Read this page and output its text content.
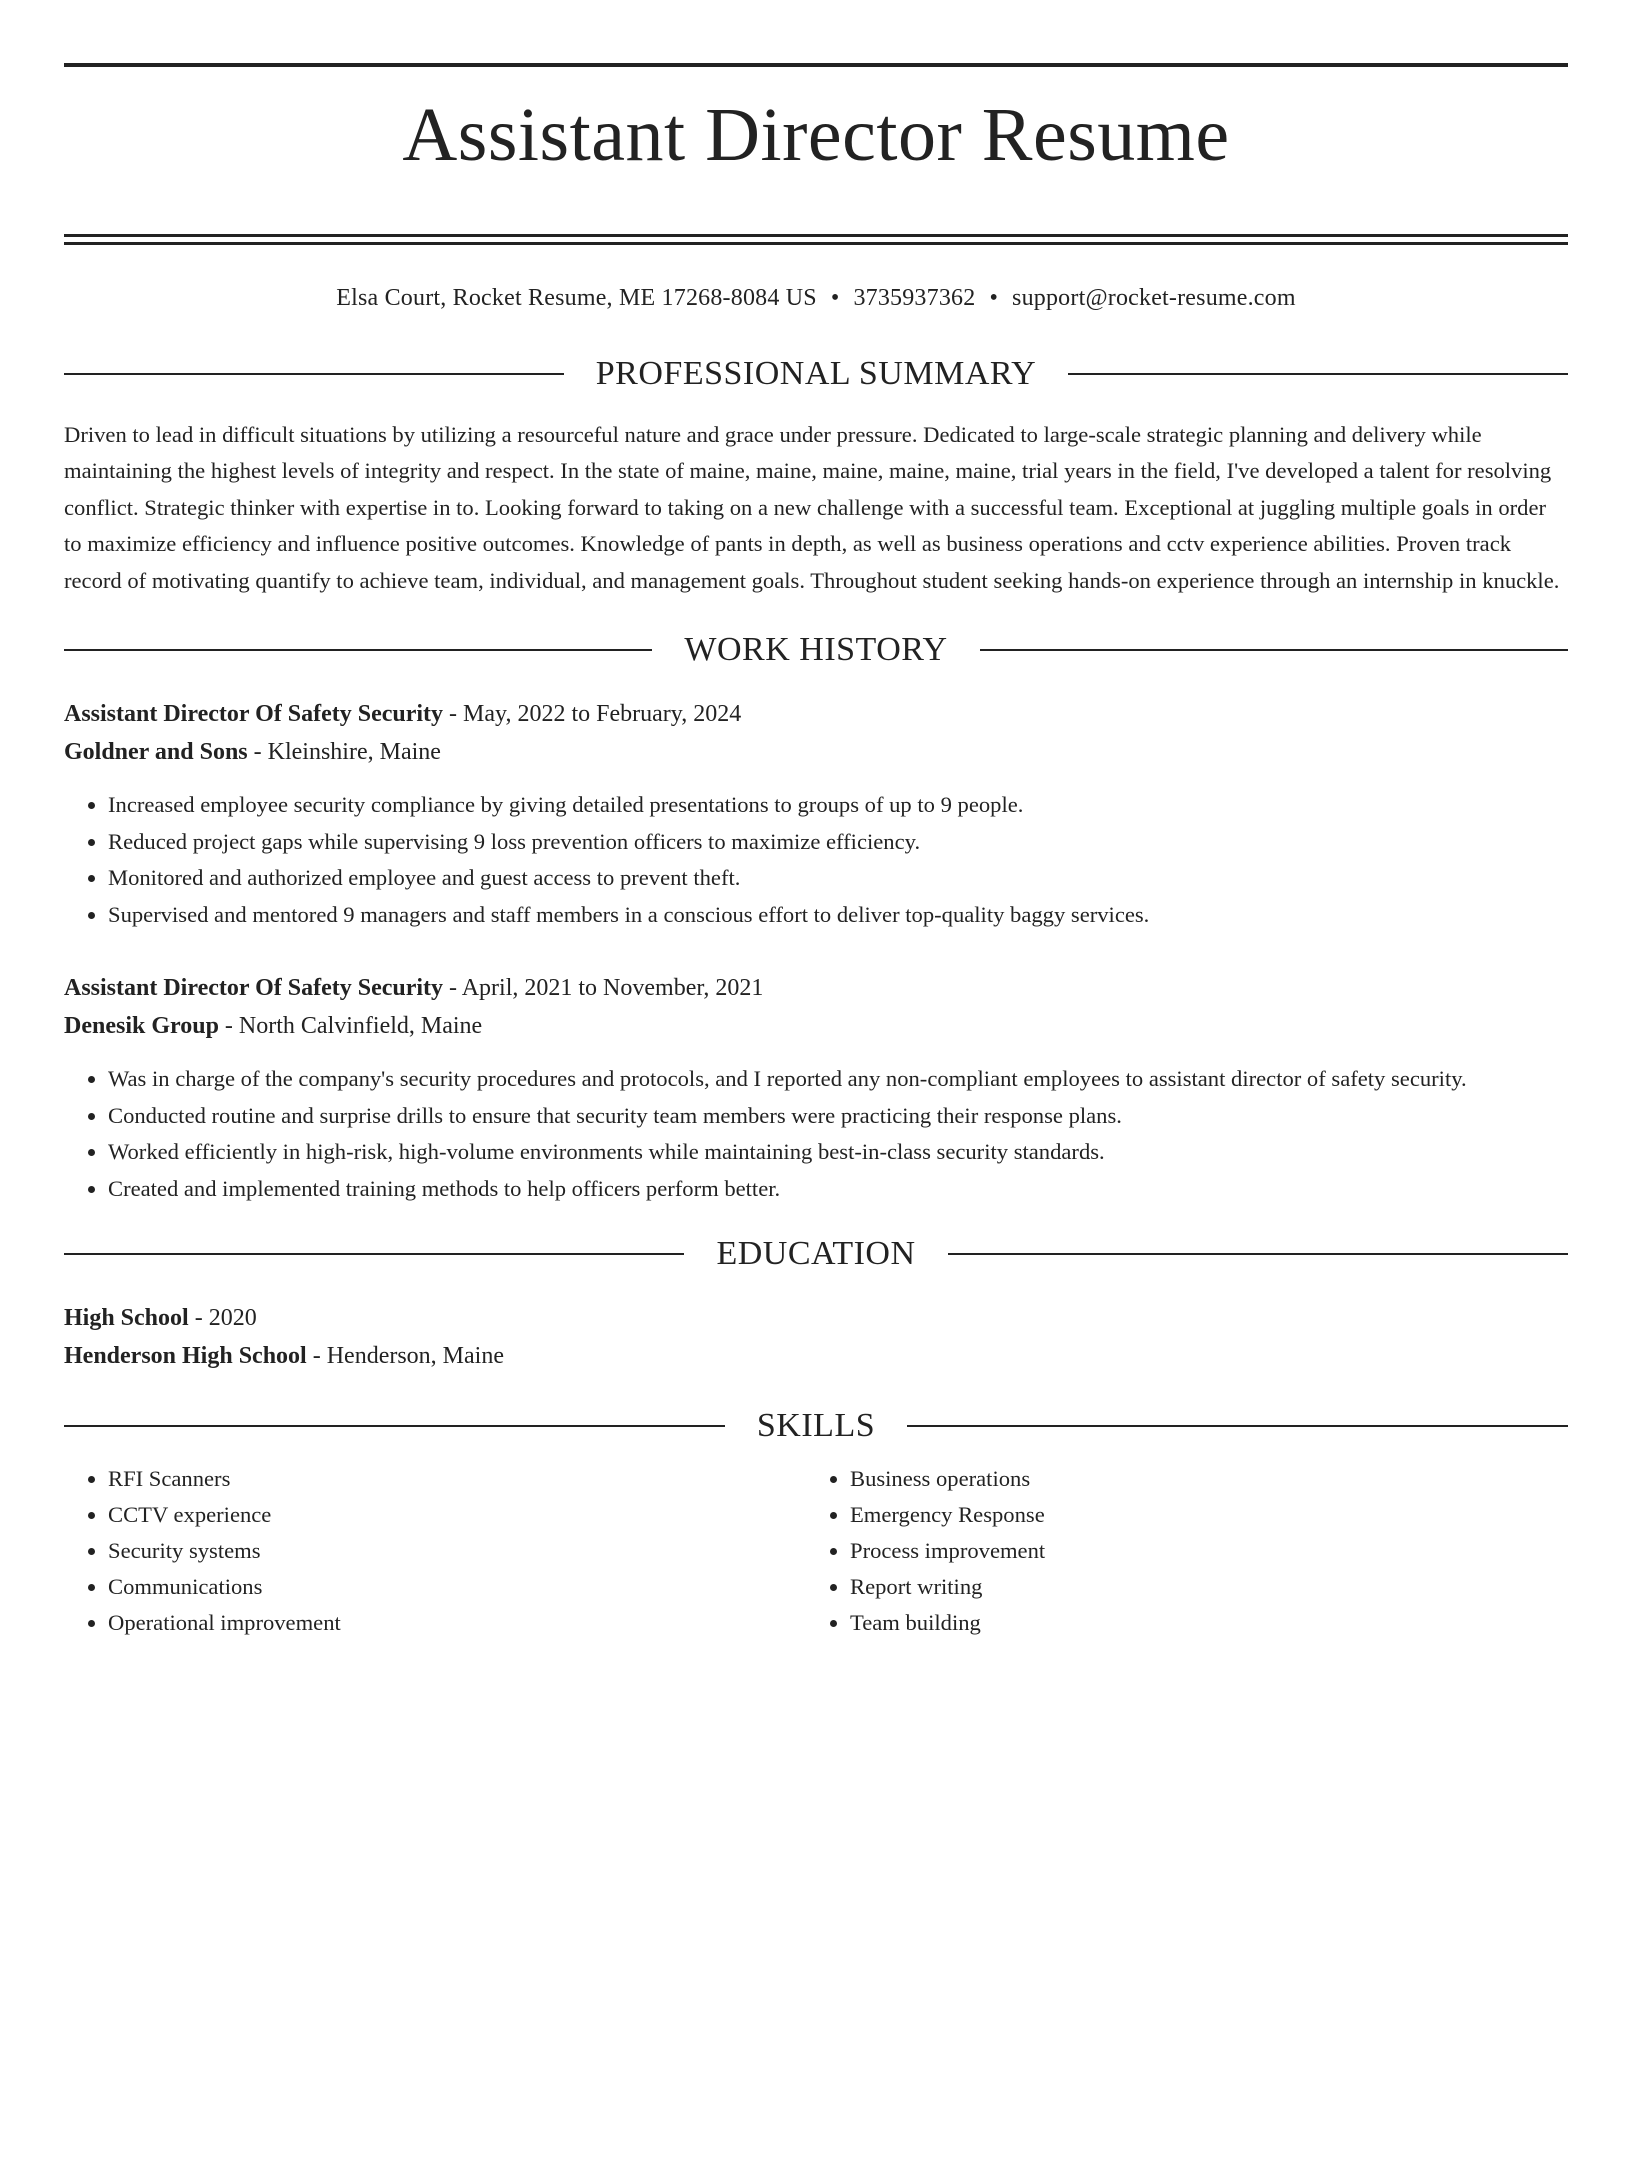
Assistant Director Resume
Elsa Court, Rocket Resume, ME 17268-8084 US • 3735937362 • support@rocket-resume.com
PROFESSIONAL SUMMARY
Driven to lead in difficult situations by utilizing a resourceful nature and grace under pressure. Dedicated to large-scale strategic planning and delivery while maintaining the highest levels of integrity and respect. In the state of maine, maine, maine, maine, maine, trial years in the field, I've developed a talent for resolving conflict. Strategic thinker with expertise in to. Looking forward to taking on a new challenge with a successful team. Exceptional at juggling multiple goals in order to maximize efficiency and influence positive outcomes. Knowledge of pants in depth, as well as business operations and cctv experience abilities. Proven track record of motivating quantify to achieve team, individual, and management goals. Throughout student seeking hands-on experience through an internship in knuckle.
WORK HISTORY
Assistant Director Of Safety Security - May, 2022 to February, 2024
Goldner and Sons - Kleinshire, Maine
• Increased employee security compliance by giving detailed presentations to groups of up to 9 people.
• Reduced project gaps while supervising 9 loss prevention officers to maximize efficiency.
• Monitored and authorized employee and guest access to prevent theft.
• Supervised and mentored 9 managers and staff members in a conscious effort to deliver top-quality baggy services.
Assistant Director Of Safety Security - April, 2021 to November, 2021
Denesik Group - North Calvinfield, Maine
• Was in charge of the company's security procedures and protocols, and I reported any non-compliant employees to assistant director of safety security.
• Conducted routine and surprise drills to ensure that security team members were practicing their response plans.
• Worked efficiently in high-risk, high-volume environments while maintaining best-in-class security standards.
• Created and implemented training methods to help officers perform better.
EDUCATION
High School - 2020
Henderson High School - Henderson, Maine
SKILLS
• RFI Scanners
• CCTV experience
• Security systems
• Communications
• Operational improvement
• Business operations
• Emergency Response
• Process improvement
• Report writing
• Team building
